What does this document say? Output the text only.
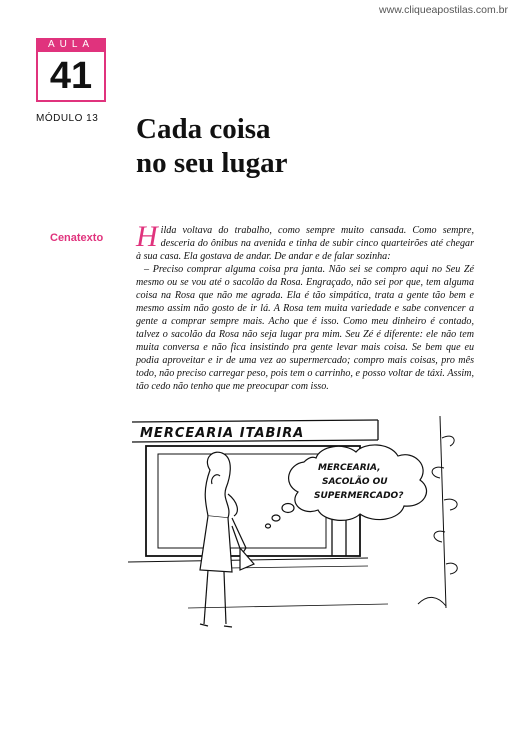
www.cliqueapostilas.com.br
AULA
41
MÓDULO 13	Cada coisa
no seu lugar
Cenatexto Hilda voltava do trabalho, como sempre muito cansada. Como sempre, desceria do ônibus na avenida e tinha de subir cinco quarteirões até chegar à sua casa. Ela gostava de andar. De andar e de falar sozinha:

– Preciso comprar alguma coisa pra janta. Não sei se compro aqui no Seu Zé mesmo ou se vou até o sacolão da Rosa. Engraçado, não sei por que, tem alguma coisa na Rosa que não me agrada. Ela é tão simpática, trata a gente tão bem e mesmo assim não gosto de ir lá. A Rosa tem muita variedade e sabe convencer a gente a comprar sempre mais. Acho que é isso. Como meu dinheiro é contado, talvez o sacolão da Rosa não seja lugar pra mim. Seu Zé é diferente: ele não tem muita conversa e não fica insistindo pra gente levar mais coisa. Se bem que eu podia aproveitar e ir de uma vez ao supermercado; compro mais coisas, pro mês todo, não preciso carregar peso, pois tem o carrinho, e posso voltar de táxi. Assim, tão cedo não tenho que me preocupar com isso.

MERCEARIA ITABIRA
MERCEARIA,
SACOLÃO OU
SUPERMERCADO?
